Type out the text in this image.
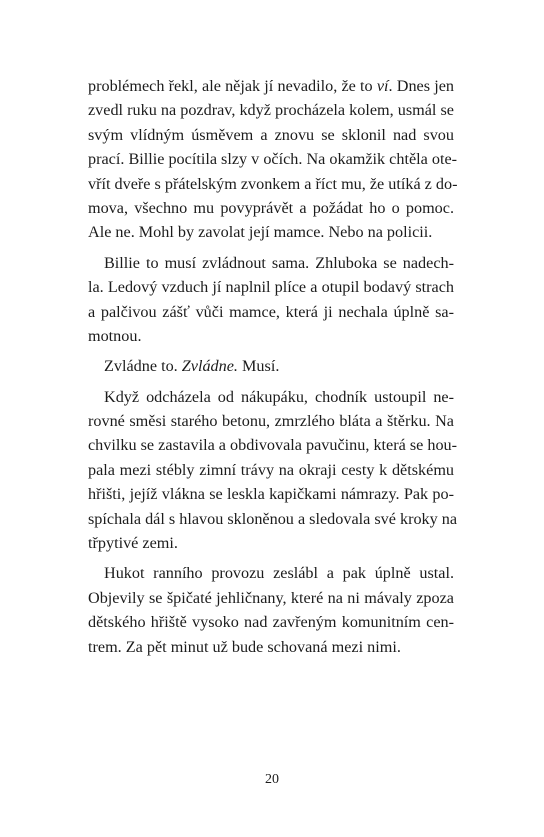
problémech řekl, ale nějak jí nevadilo, že to ví. Dnes jen
zvedl ruku na pozdrav, když procházela kolem, usmál se
svým vlídným úsměvem a znovu se sklonil nad svou
prací. Billie pocítila slzy v očích. Na okamžik chtěla ote-
vřít dveře s přátelským zvonkem a říct mu, že utíká z do-
mova, všechno mu povyprávět a požádat ho o pomoc.
Ale ne. Mohl by zavolat její mamce. Nebo na policii.
Billie to musí zvládnout sama. Zhluboka se nadech-
la. Ledový vzduch jí naplnil plíce a otupil bodavý strach
a palčivou zášť vůči mamce, která ji nechala úplně sa-
motnou.
Zvládne to. Zvládne. Musí.
Když odcházela od nákupáku, chodník ustoupil ne-
rovné směsi starého betonu, zmrzlého bláta a štěrku. Na
chvilku se zastavila a obdivovala pavučinu, která se hou-
pala mezi stébly zimní trávy na okraji cesty k dětskému
hřišti, jejíž vlákna se leskla kapičkami námrazy. Pak po-
spíchala dál s hlavou skloněnou a sledovala své kroky na
třpytivé zemi.
Hukot ranního provozu zeslábl a pak úplně ustal.
Objevily se špičaté jehličnany, které na ni mávaly zpoza
dětského hřiště vysoko nad zavřeným komunitním cen-
trem. Za pět minut už bude schovaná mezi nimi.
20
